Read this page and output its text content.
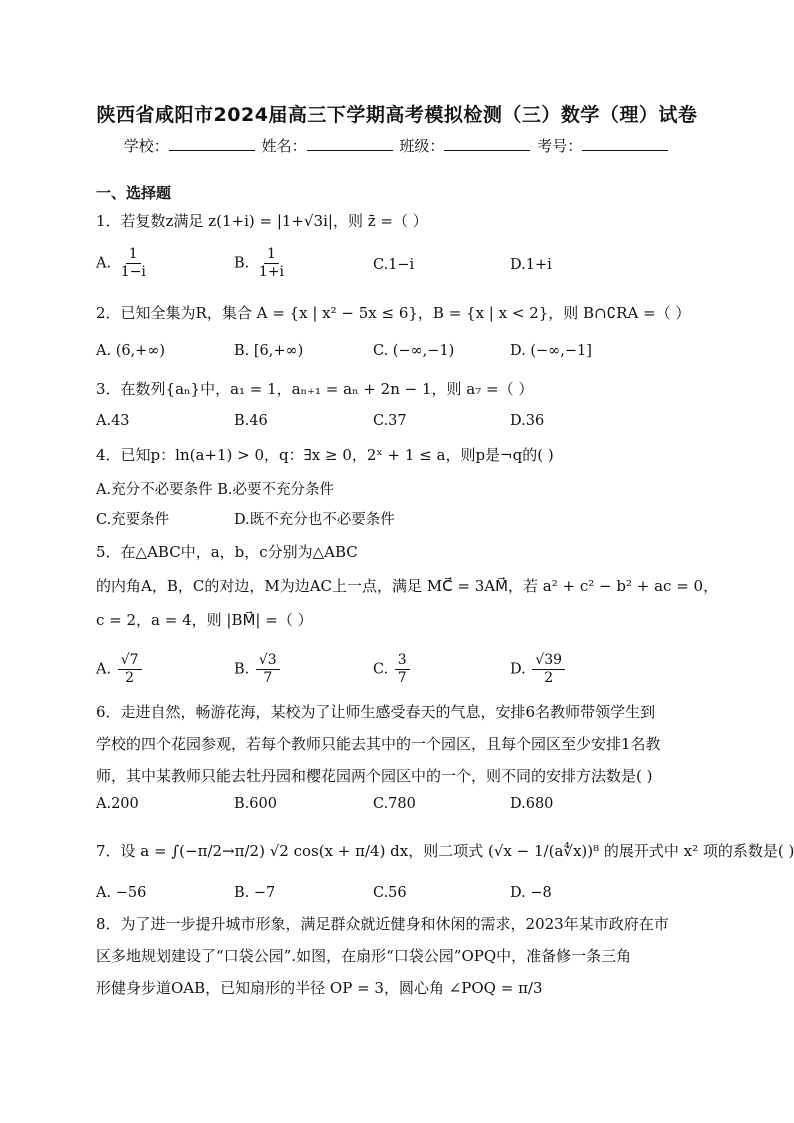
陕西省咸阳市2024届高三下学期高考模拟检测（三）数学（理）试卷
学校：	姓名：	班级：	考号：
一、选择题
1．若复数z满足 z(1+i) = |1+√3i|，则 z̄ =（ ）
A. $\frac{1}{1-i}$	B. $\frac{1}{1+i}$	C.1−i	D.1+i
2．已知全集为R，集合 A = {x | x² − 5x ≤ 6}，B = {x | x < 2}，则 B∩∁RA =（ ）
A. (6,+∞)	B. [6,+∞)	C. (−∞,−1)	D. (−∞,−1]
3．在数列{aₙ}中，a₁ = 1，aₙ₊₁ = aₙ + 2n − 1，则 a₇ =（ ）
A.43	B.46	C.37	D.36
4．已知p：ln(a+1) > 0，q：∃x ≥ 0，2ˣ + 1 ≤ a，则p是¬q的( )
A.充分不必要条件 B.必要不充分条件
C.充要条件	D.既不充分也不必要条件
5．在△ABC中，a，b，c分别为△ABC
的内角A，B，C的对边，M为边AC上一点，满足 MC⃗ = 3AM⃗，若 a² + c² − b² + ac = 0，
c = 2，a = 4，则 |BM⃗| =（ ）
A. $\frac{√7}{2}$	B. $\frac{√3}{7}$	C. $\frac{3}{7}$	D. $\frac{√39}{2}$
6．走进自然，畅游花海，某校为了让师生感受春天的气息，安排6名教师带领学生到
学校的四个花园参观，若每个教师只能去其中的一个园区，且每个园区至少安排1名教
师，其中某教师只能去牡丹园和樱花园两个园区中的一个，则不同的安排方法数是( )
A.200	B.600	C.780	D.680
7．设 a = ∫(−π/2→π/2) √2 cos(x + π/4) dx，则二项式 (√x − 1/(a∜x))⁸ 的展开式中 x² 项的系数是( )
A. −56	B. −7	C.56	D. −8
8．为了进一步提升城市形象，满足群众就近健身和休闲的需求，2023年某市政府在市
区多地规划建设了“口袋公园”.如图，在扇形“口袋公园”OPQ中，准备修一条三角
形健身步道OAB，已知扇形的半径 OP = 3，圆心角 ∠POQ = π/3
